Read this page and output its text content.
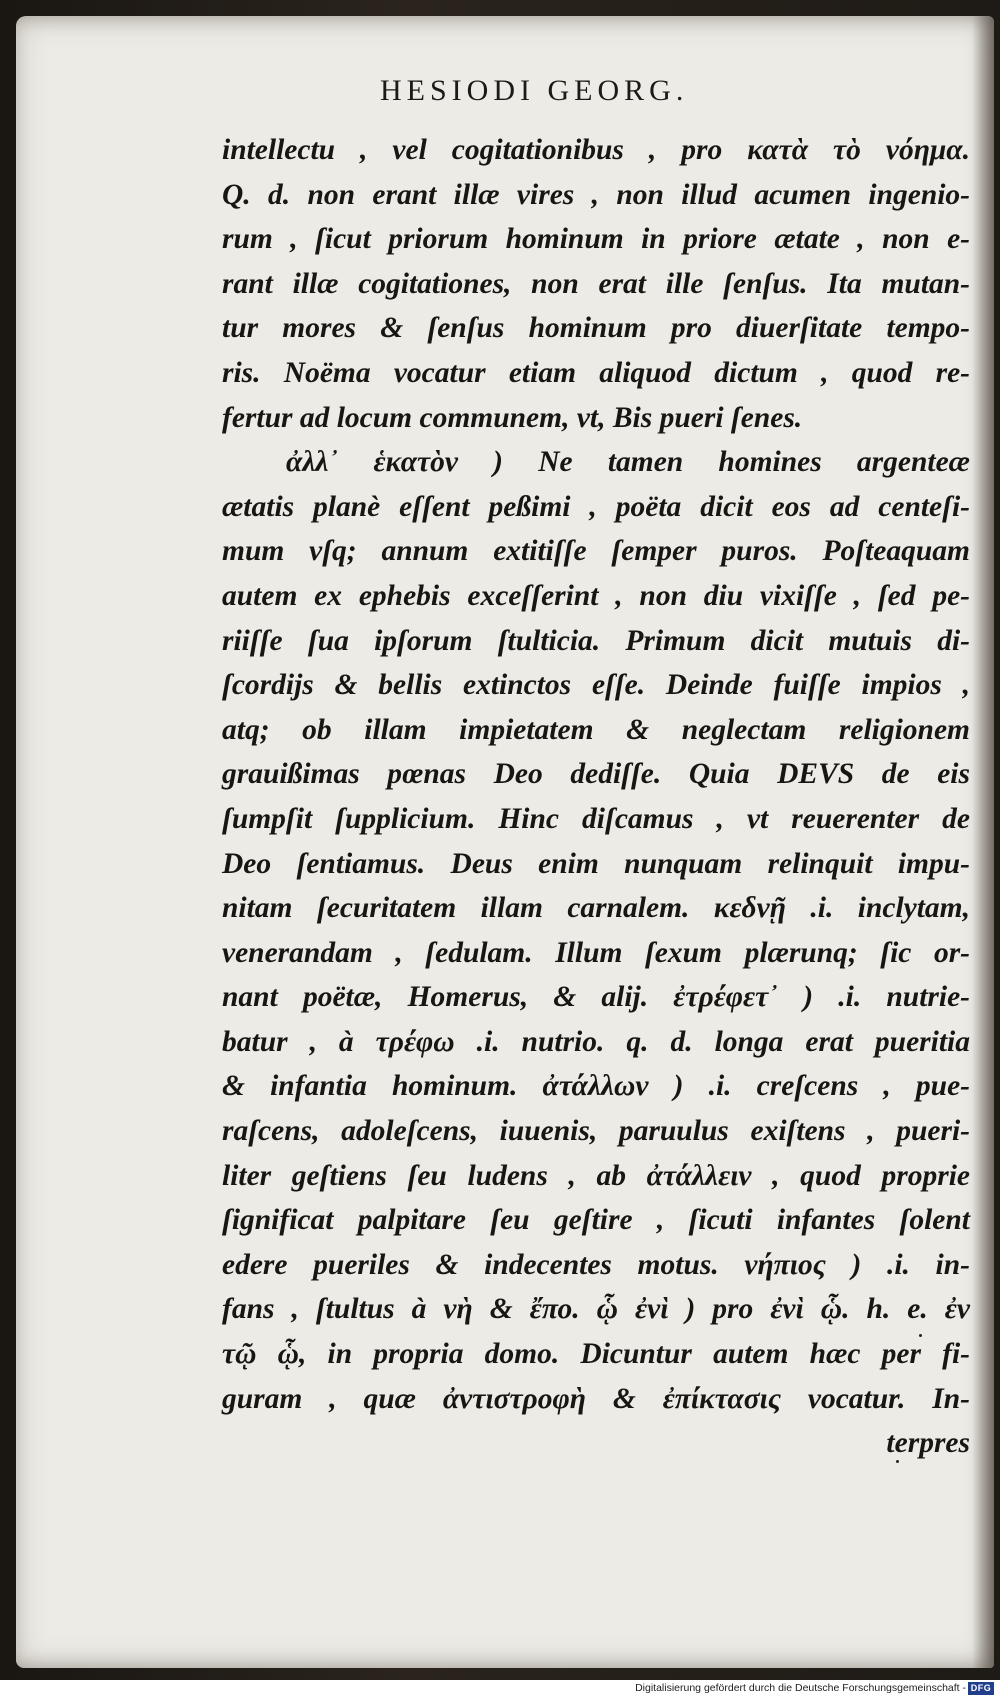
HESIODI GEORG.
intellectu , vel cogitationibus , pro κατὰ τὸ νόημα.
Q. d. non erant illæ vires , non illud acumen ingenio-
rum , ſicut priorum hominum in priore ætate , non e-
rant illæ cogitationes, non erat ille ſenſus. Ita mutan-
tur mores & ſenſus hominum pro diuerſitate tempo-
ris. Noëma vocatur etiam aliquod dictum , quod re-
fertur ad locum communem, vt, Bis pueri ſenes.
ἀλλ᾽ ἑκατὸν ) Ne tamen homines argenteæ
ætatis planè eſſent peßimi , poëta dicit eos ad centeſi-
mum vſq; annum extitiſſe ſemper puros. Poſteaquam
autem ex ephebis exceſſerint , non diu vixiſſe , ſed pe-
riiſſe ſua ipſorum ſtulticia. Primum dicit mutuis di-
ſcordijs & bellis extinctos eſſe. Deinde fuiſſe impios ,
atq; ob illam impietatem & neglectam religionem
grauißimas pœnas Deo dediſſe. Quia DEVS de eis
ſumpſit ſupplicium. Hinc diſcamus , vt reuerenter de
Deo ſentiamus. Deus enim nunquam relinquit impu-
nitam ſecuritatem illam carnalem. κεδνῇ .i. inclytam,
venerandam , ſedulam. Illum ſexum plærunq; ſic or-
nant poëtæ, Homerus, & alij. ἐτρέφετ᾽ ) .i. nutrie-
batur , à τρέφω .i. nutrio. q. d. longa erat pueritia
& infantia hominum. ἀτάλλων ) .i. creſcens , pue-
raſcens, adoleſcens, iuuenis, paruulus exiſtens , pueri-
liter geſtiens ſeu ludens , ab ἀτάλλειν , quod proprie
ſignificat palpitare ſeu geſtire , ſicuti infantes ſolent
edere pueriles & indecentes motus. νήπιος ) .i. in-
fans , ſtultus à νὴ & ἔπο. ᾧ ἐνὶ ) pro ἐνὶ ᾧ. h. e. ἐν
τῷ ᾧ, in propria domo. Dicuntur autem hæc per fi-
guram , quæ ἀντιστροφὴ & ἐπίκτασις vocatur. In-
terpres
Digitalisierung gefördert durch die Deutsche Forschungsgemeinschaft - DFG
